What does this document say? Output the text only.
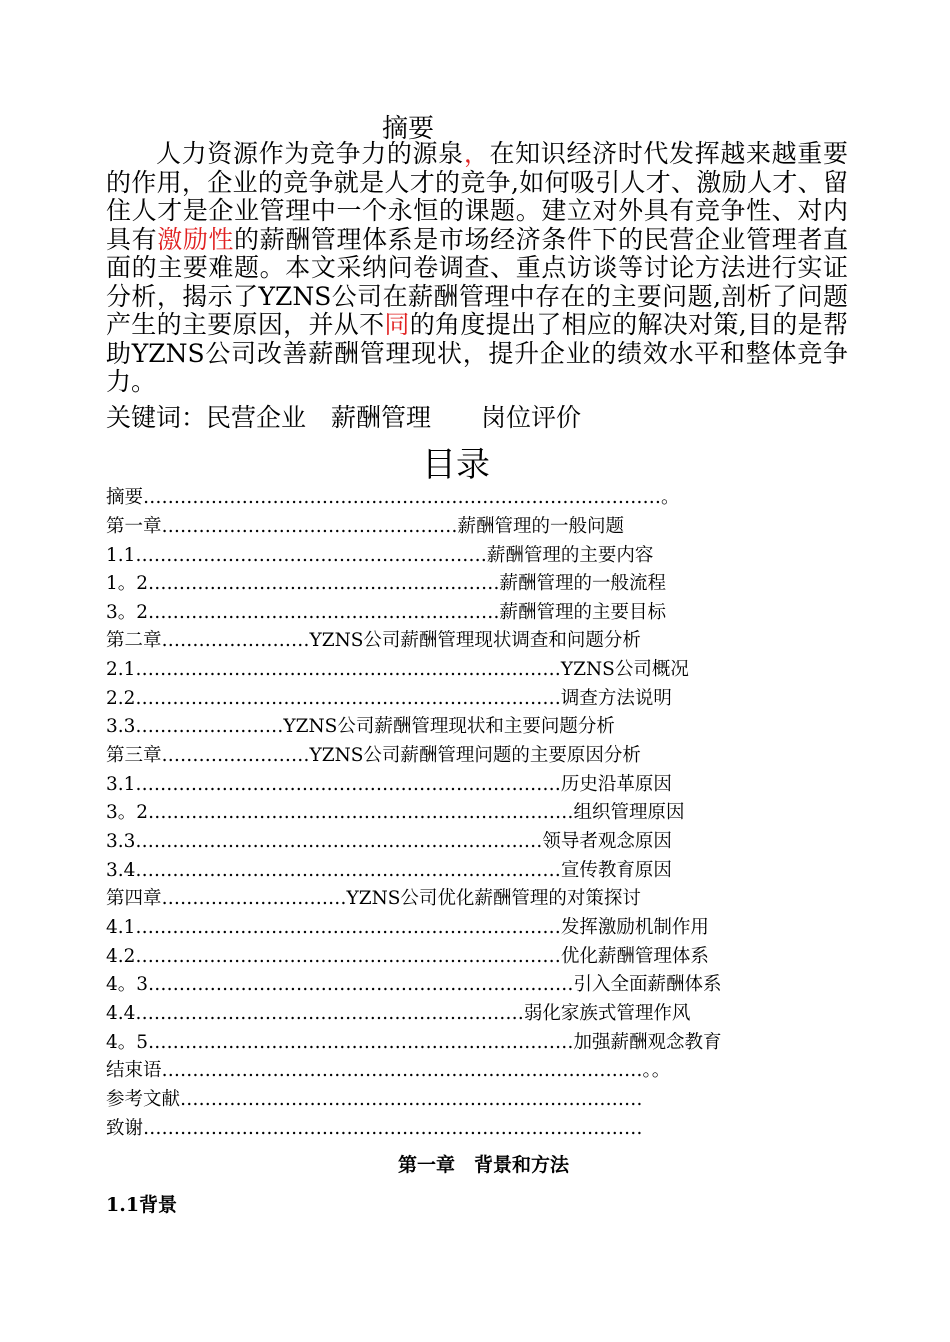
摘要

人力资源作为竞争力的源泉，在知识经济时代发挥越来越重要的作用，企业的竞争就是人才的竞争,如何吸引人才、激励人才、留住人才是企业管理中一个永恒的课题。建立对外具有竞争性、对内具有激励性的薪酬管理体系是市场经济条件下的民营企业管理者直面的主要难题。本文采纳问卷调查、重点访谈等讨论方法进行实证分析，揭示了YZNS公司在薪酬管理中存在的主要问题,剖析了问题产生的主要原因，并从不同的角度提出了相应的解决对策,目的是帮助YZNS公司改善薪酬管理现状，提升企业的绩效水平和整体竞争力。

关键词：民营企业　薪酬管理　　岗位评价
目录
摘要…………………………………………………………………………。
第一章…………………………………………薪酬管理的一般问题
1.1…………………………………………………薪酬管理的主要内容
1。2…………………………………………………薪酬管理的一般流程
3。2…………………………………………………薪酬管理的主要目标
第二章……………………YZNS公司薪酬管理现状调查和问题分析
2.1……………………………………………………………YZNS公司概况
2.2……………………………………………………………调查方法说明
3.3……………………YZNS公司薪酬管理现状和主要问题分析
第三章……………………YZNS公司薪酬管理问题的主要原因分析
3.1……………………………………………………………历史沿革原因
3。2……………………………………………………………组织管理原因
3.3…………………………………………………………领导者观念原因
3.4……………………………………………………………宣传教育原因
第四章…………………………YZNS公司优化薪酬管理的对策探讨
4.1……………………………………………………………发挥激励机制作用
4.2……………………………………………………………优化薪酬管理体系
4。3……………………………………………………………引入全面薪酬体系
4.4………………………………………………………弱化家族式管理作风
4。5……………………………………………………………加强薪酬观念教育
结束语……………………………………………………………………。。
参考文献…………………………………………………………………
致谢………………………………………………………………………
第一章　背景和方法
1.1背景
